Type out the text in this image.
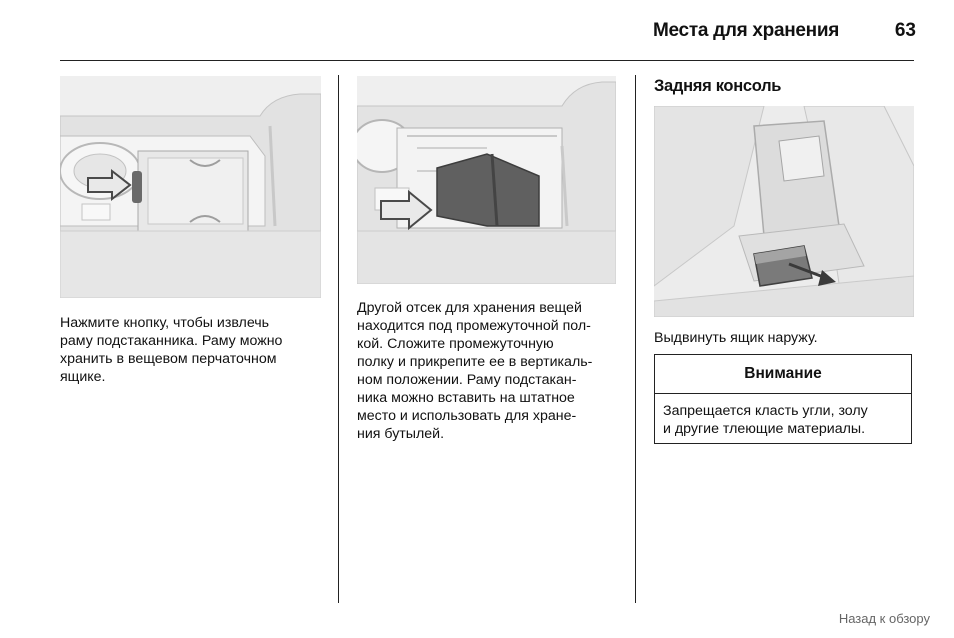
Места для хранения	63

Нажмите кнопку, чтобы извлечь
раму подстаканника. Раму можно
хранить в вещевом перчаточном
ящике.

Другой отсек для хранения вещей
находится под промежуточной пол-
кой. Сложите промежуточную
полку и прикрепите ее в вертикаль-
ном положении. Раму подстакан-
ника можно вставить на штатное
место и использовать для хране-
ния бутылей.

Задняя консоль

Выдвинуть ящик наружу.

Внимание
Запрещается класть угли, золу
и другие тлеющие материалы.
Назад к обзору
